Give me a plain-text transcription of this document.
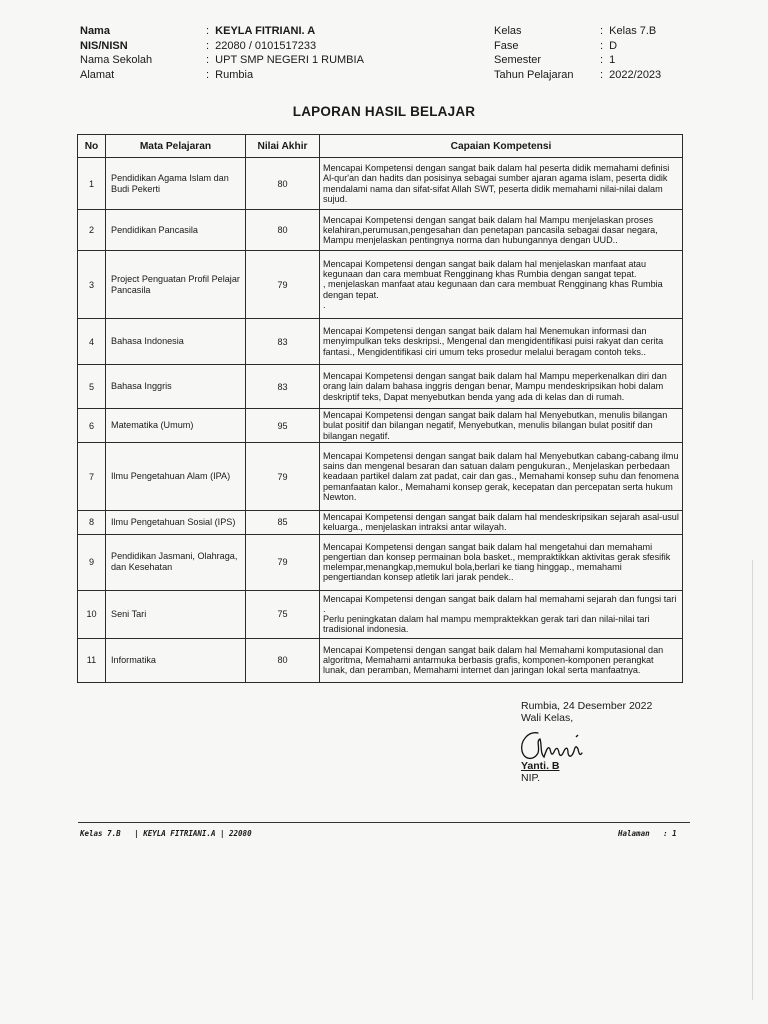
Nama	:  KEYLA FITRIANI. A	Kelas	:  Kelas 7.B
NIS/NISN	:  22080 / 0101517233	Fase	:  D
Nama Sekolah	:  UPT SMP NEGERI 1 RUMBIA	Semester	:  1
Alamat	:  Rumbia	Tahun Pelajaran :  2022/2023
LAPORAN HASIL BELAJAR
No	Mata Pelajaran	Nilai Akhir	Capaian Kompetensi
1	Pendidikan Agama Islam dan Budi Pekerti	80	Mencapai Kompetensi dengan sangat baik dalam hal peserta didik memahami definisi Al-qur'an dan hadits dan posisinya sebagai sumber ajaran agama islam, peserta didik mendalami nama dan sifat-sifat Allah SWT, peserta didik memahami nilai-nilai dalam sujud.
2	Pendidikan Pancasila	80	Mencapai Kompetensi dengan sangat baik dalam hal Mampu menjelaskan proses kelahiran,perumusan,pengesahan dan penetapan pancasila sebagai dasar negara, Mampu menjelaskan pentingnya norma dan hubungannya dengan UUD..
3	Project Penguatan Profil Pelajar Pancasila	79	Mencapai Kompetensi dengan sangat baik dalam hal menjelaskan manfaat atau kegunaan dan cara membuat Rengginang khas Rumbia dengan sangat tepat.
, menjelaskan manfaat atau kegunaan dan cara membuat Rengginang khas Rumbia dengan tepat.
.
4	Bahasa Indonesia	83	Mencapai Kompetensi dengan sangat baik dalam hal Menemukan informasi dan menyimpulkan teks deskripsi., Mengenal dan mengidentifikasi puisi rakyat dan cerita fantasi., Mengidentifikasi ciri umum teks prosedur melalui beragam contoh teks..
5	Bahasa Inggris	83	Mencapai Kompetensi dengan sangat baik dalam hal Mampu meperkenalkan diri dan orang lain dalam bahasa inggris dengan benar, Mampu mendeskripsikan hobi dalam deskriptif teks, Dapat menyebutkan benda yang ada di kelas dan di rumah.
6	Matematika (Umum)	95	Mencapai Kompetensi dengan sangat baik dalam hal Menyebutkan, menulis bilangan bulat positif dan bilangan negatif, Menyebutkan, menulis bilangan bulat positif dan bilangan negatif.
7	Ilmu Pengetahuan Alam (IPA)	79	Mencapai Kompetensi dengan sangat baik dalam hal Menyebutkan cabang-cabang ilmu sains dan mengenal besaran dan satuan dalam pengukuran., Menjelaskan perbedaan keadaan partikel dalam zat padat, cair dan gas., Memahami konsep suhu dan fenomena pemanfaatan kalor., Memahami konsep gerak, kecepatan dan percepatan serta hukum Newton.
8	Ilmu Pengetahuan Sosial (IPS)	85	Mencapai Kompetensi dengan sangat baik dalam hal mendeskripsikan sejarah asal-usul keluarga., menjelaskan intraksi antar wilayah.
9	Pendidikan Jasmani, Olahraga, dan Kesehatan	79	Mencapai Kompetensi dengan sangat baik dalam hal mengetahui dan memahami pengertian dan konsep permainan bola basket., mempraktikkan aktivitas gerak sfesifik melempar,menangkap,memukul bola,berlari ke tiang hinggap., memahami pengertiandan konsep atletik lari jarak pendek..
10	Seni Tari	75	Mencapai Kompetensi dengan sangat baik dalam hal memahami sejarah dan fungsi tari .
Perlu peningkatan dalam hal mampu mempraktekkan gerak tari dan nilai-nilai tari tradisional indonesia.
11	Informatika	80	Mencapai Kompetensi dengan sangat baik dalam hal Memahami komputasional dan algoritma, Memahami antarmuka berbasis grafis, komponen-komponen perangkat lunak, dan peramban, Memahami internet dan jaringan lokal serta manfaatnya.
Rumbia, 24 Desember 2022
Wali Kelas,
Yanti. B
NIP.
Kelas 7.B   | KEYLA FITRIANI.A | 22080	Halaman   : 1
